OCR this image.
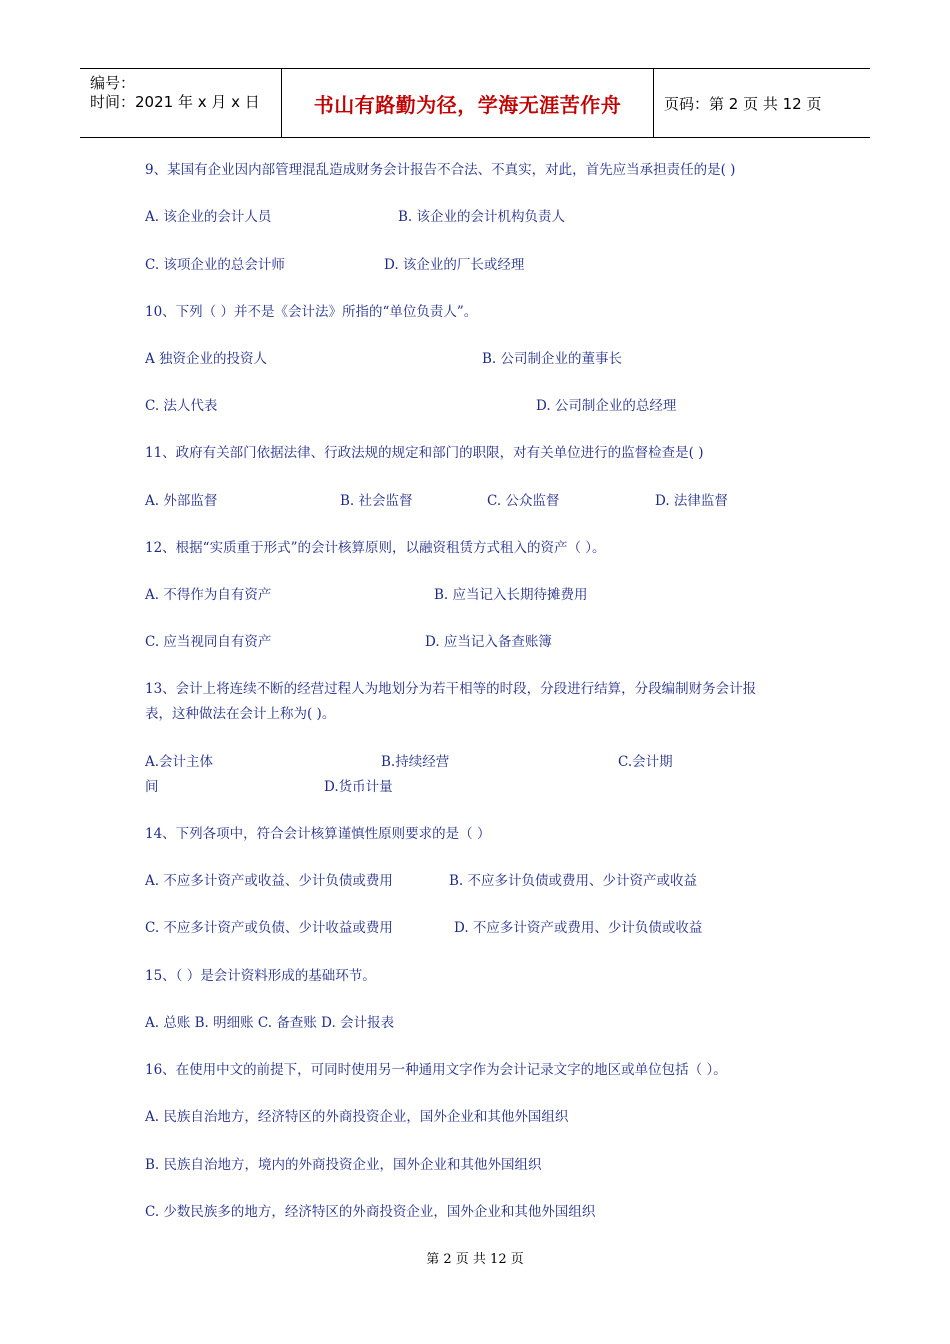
编号：
时间：2021 年 x 月 x 日	书山有路勤为径，学海无涯苦作舟	页码：第 2 页 共 12 页
9、某国有企业因内部管理混乱造成财务会计报告不合法、不真实，对此，首先应当承担责任的是( )
A. 该企业的会计人员	B. 该企业的会计机构负责人
C. 该项企业的总会计师	D. 该企业的厂长或经理
10、下列（ ）并不是《会计法》所指的“单位负责人”。
A 独资企业的投资人	B. 公司制企业的董事长
C. 法人代表	D. 公司制企业的总经理
11、政府有关部门依据法律、行政法规的规定和部门的职限，对有关单位进行的监督检查是( )
A. 外部监督	B. 社会监督	C. 公众监督	D. 法律监督
12、根据“实质重于形式”的会计核算原则，以融资租赁方式租入的资产（ ）。
A. 不得作为自有资产	B. 应当记入长期待摊费用
C. 应当视同自有资产	D. 应当记入备查账簿
13、会计上将连续不断的经营过程人为地划分为若干相等的时段，分段进行结算，分段编制财务会计报
表，这种做法在会计上称为( )。
A.会计主体	B.持续经营	C.会计期
间	D.货币计量
14、下列各项中，符合会计核算谨慎性原则要求的是（ ）
A. 不应多计资产或收益、少计负债或费用	B. 不应多计负债或费用、少计资产或收益
C. 不应多计资产或负债、少计收益或费用	D. 不应多计资产或费用、少计负债或收益
15、（ ）是会计资料形成的基础环节。
A. 总账 B. 明细账 C. 备查账 D. 会计报表
16、在使用中文的前提下，可同时使用另一种通用文字作为会计记录文字的地区或单位包括（ ）。
A. 民族自治地方，经济特区的外商投资企业，国外企业和其他外国组织
B. 民族自治地方，境内的外商投资企业，国外企业和其他外国组织
C. 少数民族多的地方，经济特区的外商投资企业，国外企业和其他外国组织
第 2 页 共 12 页
